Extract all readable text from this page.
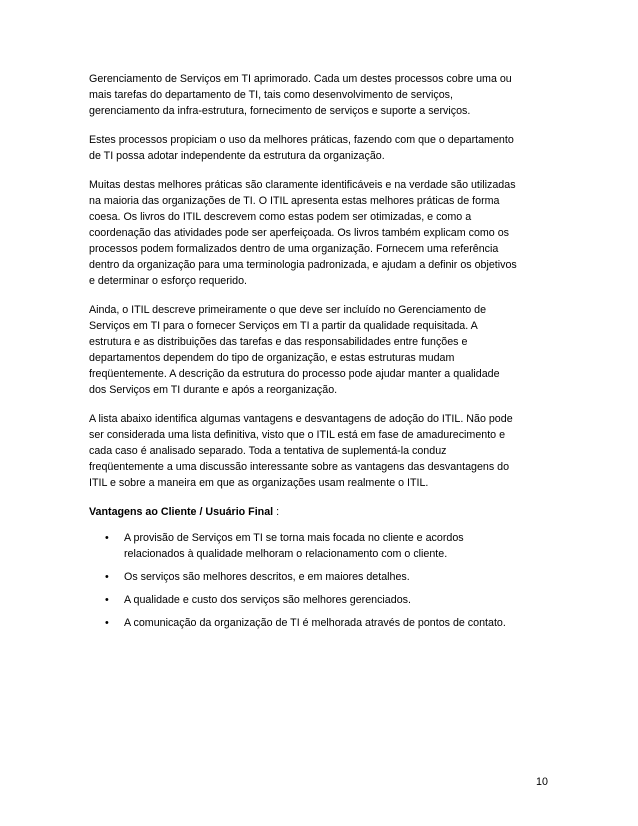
Gerenciamento de Serviços em TI aprimorado. Cada um destes processos cobre uma ou
mais tarefas do departamento de TI, tais como desenvolvimento de serviços,
gerenciamento da infra-estrutura, fornecimento de serviços e suporte a serviços.

Estes processos propiciam o uso da melhores práticas, fazendo com que o departamento
de TI possa adotar independente da estrutura da organização.

Muitas destas melhores práticas são claramente identificáveis e na verdade são utilizadas
na maioria das organizações de TI. O ITIL apresenta estas melhores práticas de forma
coesa. Os livros do ITIL descrevem como estas podem ser otimizadas, e como a
coordenação das atividades pode ser aperfeiçoada. Os livros também explicam como os
processos podem formalizados dentro de uma organização. Fornecem uma referência
dentro da organização para uma terminologia padronizada, e ajudam a definir os objetivos
e determinar o esforço requerido.

Ainda, o ITIL descreve primeiramente o que deve ser incluído no Gerenciamento de
Serviços em TI para o fornecer Serviços em TI a partir da qualidade requisitada. A
estrutura e as distribuições das tarefas e das responsabilidades entre funções e
departamentos dependem do tipo de organização, e estas estruturas mudam
freqüentemente. A descrição da estrutura do processo pode ajudar manter a qualidade
dos Serviços em TI durante e após a reorganização.

A lista abaixo identifica algumas vantagens e desvantagens de adoção do ITIL. Não pode
ser considerada uma lista definitiva, visto que o ITIL está em fase de amadurecimento e
cada caso é analisado separado. Toda a tentativa de suplementá-la conduz
freqüentemente a uma discussão interessante sobre as vantagens das desvantagens do
ITIL e sobre a maneira em que as organizações usam realmente o ITIL.

Vantagens ao Cliente / Usuário Final :
• A provisão de Serviços em TI se torna mais focada no cliente e acordos
relacionados à qualidade melhoram o relacionamento com o cliente.
• Os serviços são melhores descritos, e em maiores detalhes.
• A qualidade e custo dos serviços são melhores gerenciados.
• A comunicação da organização de TI é melhorada através de pontos de contato.
10
